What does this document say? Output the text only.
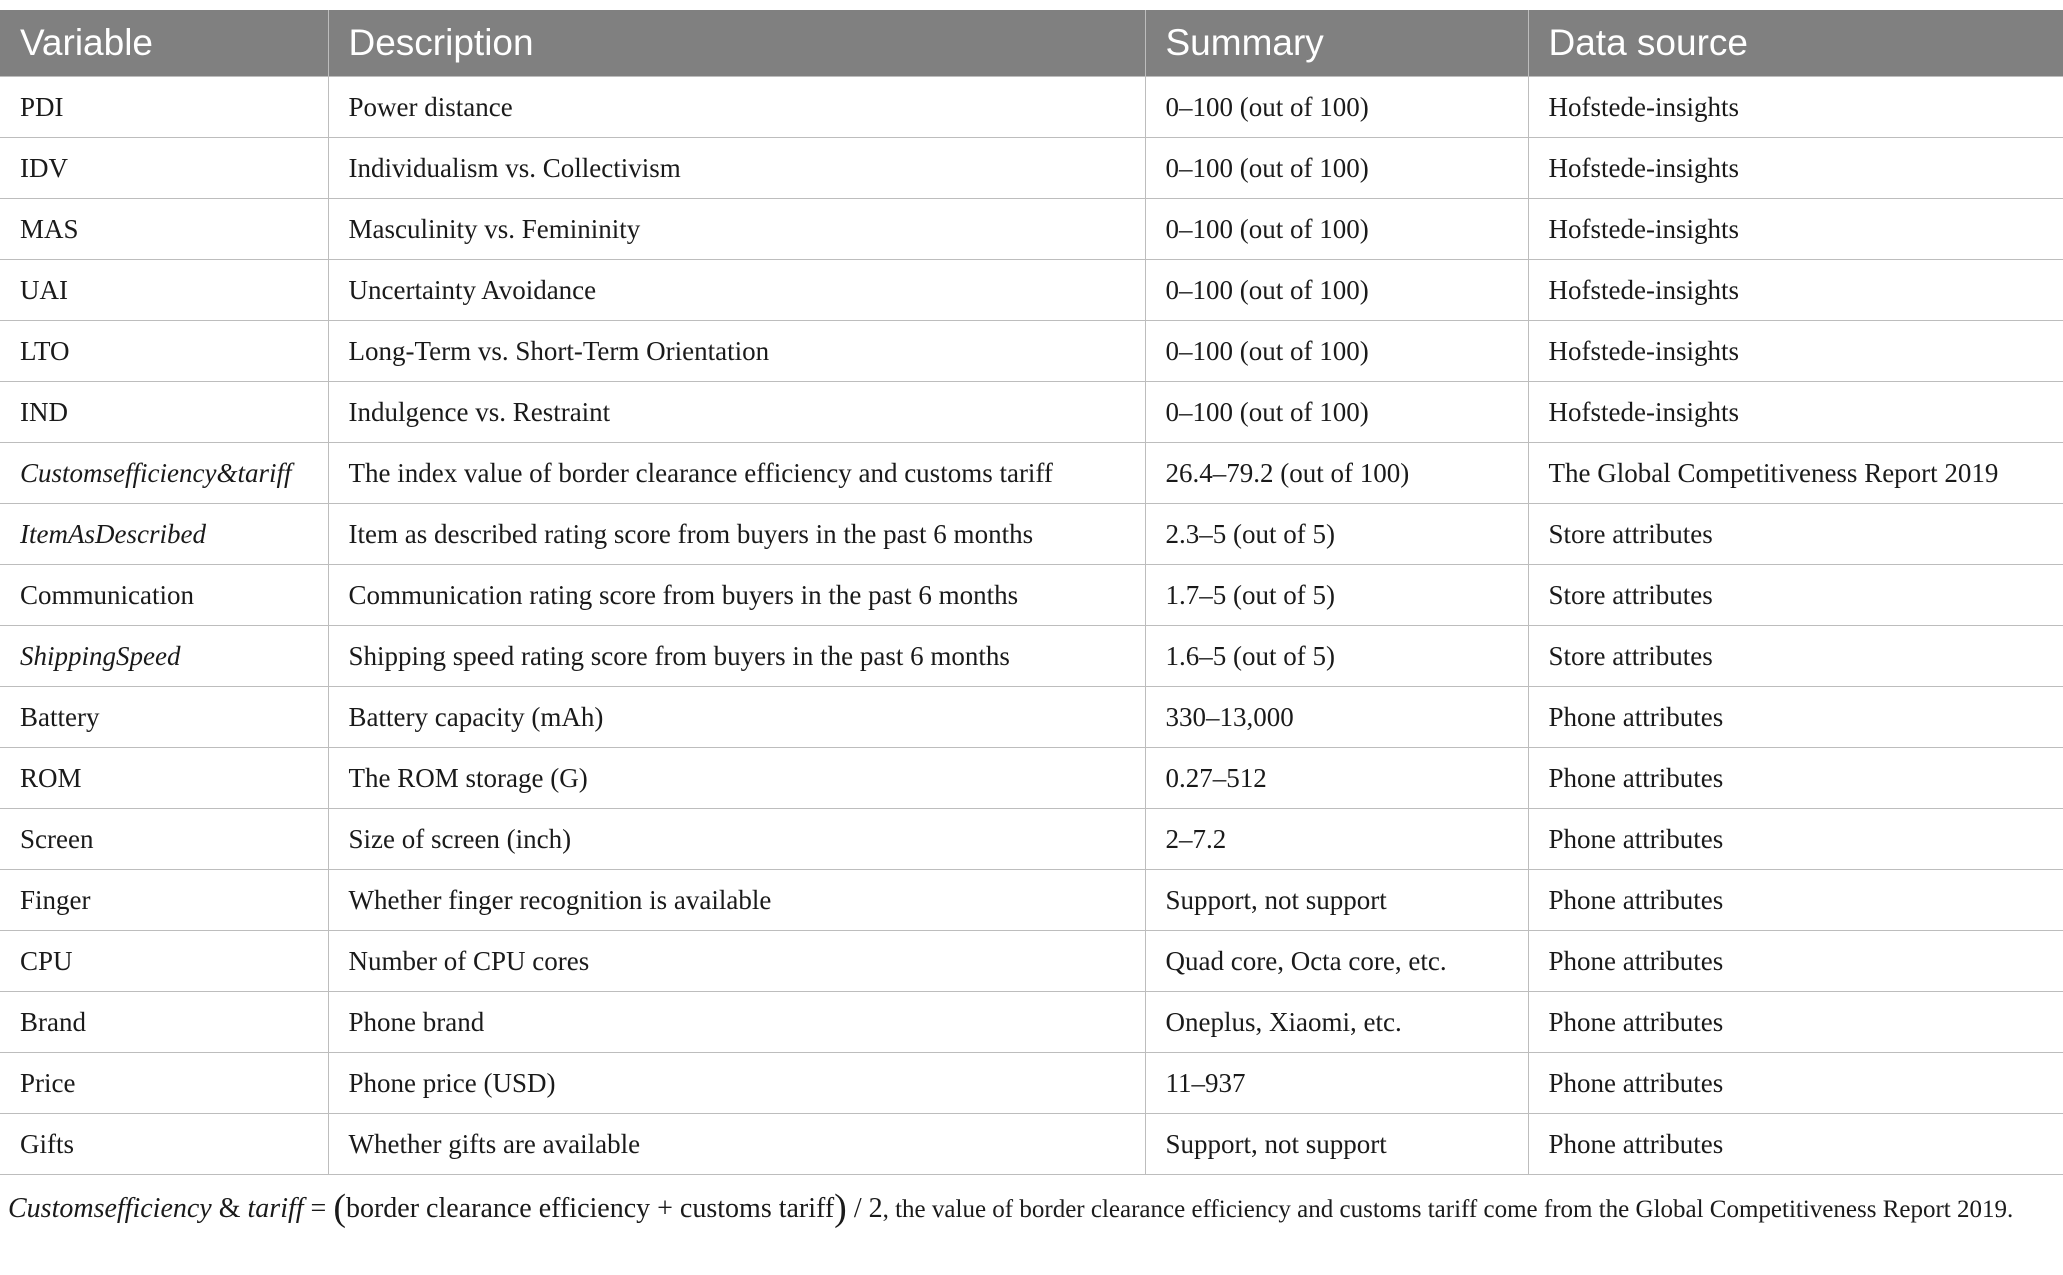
Variable	Description	Summary	Data source
PDI	Power distance	0–100 (out of 100)	Hofstede-insights
IDV	Individualism vs. Collectivism	0–100 (out of 100)	Hofstede-insights
MAS	Masculinity vs. Femininity	0–100 (out of 100)	Hofstede-insights
UAI	Uncertainty Avoidance	0–100 (out of 100)	Hofstede-insights
LTO	Long-Term vs. Short-Term Orientation	0–100 (out of 100)	Hofstede-insights
IND	Indulgence vs. Restraint	0–100 (out of 100)	Hofstede-insights
Customsefficiency&tariff	The index value of border clearance efficiency and customs tariff	26.4–79.2 (out of 100)	The Global Competitiveness Report 2019
ItemAsDescribed	Item as described rating score from buyers in the past 6 months	2.3–5 (out of 5)	Store attributes
Communication	Communication rating score from buyers in the past 6 months	1.7–5 (out of 5)	Store attributes
ShippingSpeed	Shipping speed rating score from buyers in the past 6 months	1.6–5 (out of 5)	Store attributes
Battery	Battery capacity (mAh)	330–13,000	Phone attributes
ROM	The ROM storage (G)	0.27–512	Phone attributes
Screen	Size of screen (inch)	2–7.2	Phone attributes
Finger	Whether finger recognition is available	Support, not support	Phone attributes
CPU	Number of CPU cores	Quad core, Octa core, etc.	Phone attributes
Brand	Phone brand	Oneplus, Xiaomi, etc.	Phone attributes
Price	Phone price (USD)	11–937	Phone attributes
Gifts	Whether gifts are available	Support, not support	Phone attributes
Customsefficiency & tariff = (border clearance efficiency + customs tariff) / 2, the value of border clearance efficiency and customs tariff come from the Global Competitiveness Report 2019.
